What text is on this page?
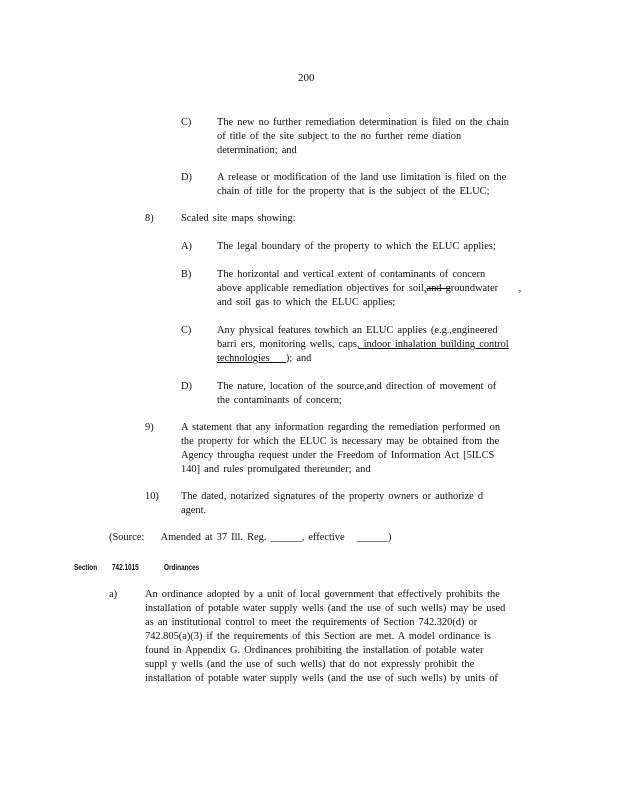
200
C) The new no further remediation determination is filed on the chain

of title of the site subject to the no further reme diation

determination; and

D) A release or modification of the land use limitation is filed on the

chain of title for the property that is the subject of the ELUC;

8)	Scaled site maps showing:

A) The legal boundary of the property to which the ELUC applies;

B) The horizontal and vertical extent of contaminants of concern

above applicable remediation objectives for soil,and groundwater ,

and soil gas to which the ELUC applies;

C) Any physical features towhich an ELUC applies (e.g.,engineered

barri ers, monitoring wells, caps, indoor inhalation building control

technologies ); and

D) The nature, location of the source,and direction of movement of

the contaminants of concern;

9)	A statement that any information regarding the remediation performed on

the property for which the ELUC is necessary may be obtained from the

Agency througha request under the Freedom of Information Act [5ILCS

140] and rules promulgated thereunder; and

10) The dated, notarized signatures of the property owners or authorize d

agent.

(Source: Amended at 37 Ill. Reg. ______, effective ______)

Section 742.1015	Ordinances
a)	An ordinance adopted by a unit of local government that effectively prohibits the

installation of potable water supply wells (and the use of such wells) may be used

as an institutional control to meet the requirements of Section 742.320(d) or

742.805(a)(3) if the requirements of this Section are met. A model ordinance is

found in Appendix G. Ordinances prohibiting the installation of potable water

suppl y wells (and the use of such wells) that do not expressly prohibit the

installation of potable water supply wells (and the use of such wells) by units of
